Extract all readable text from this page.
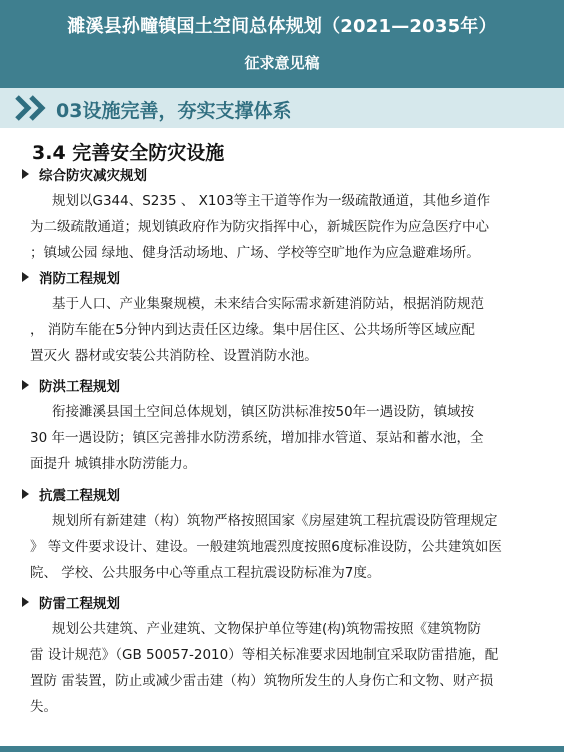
濉溪县孙疃镇国土空间总体规划（2021—2035年）
征求意见稿
03设施完善，夯实支撑体系
3.4 完善安全防灾设施
综合防灾减灾规划
规划以G344、S235 、 X103等主干道等作为一级疏散通道，其他乡道作
为二级疏散通道；规划镇政府作为防灾指挥中心，新城医院作为应急医疗中心
；镇域公园 绿地、健身活动场地、广场、学校等空旷地作为应急避难场所。
消防工程规划
基于人口、产业集聚规模，未来结合实际需求新建消防站，根据消防规范
， 消防车能在5分钟内到达责任区边缘。集中居住区、公共场所等区域应配
置灭火 器材或安装公共消防栓、设置消防水池。
防洪工程规划
衔接濉溪县国土空间总体规划，镇区防洪标准按50年一遇设防，镇域按
30 年一遇设防；镇区完善排水防涝系统，增加排水管道、泵站和蓄水池，全
面提升 城镇排水防涝能力。
抗震工程规划
规划所有新建建（构）筑物严格按照国家《房屋建筑工程抗震设防管理规定
》 等文件要求设计、建设。一般建筑地震烈度按照6度标准设防，公共建筑如医
院、 学校、公共服务中心等重点工程抗震设防标准为7度。
防雷工程规划
规划公共建筑、产业建筑、文物保护单位等建(构)筑物需按照《建筑物防
雷 设计规范》（GB 50057-2010）等相关标准要求因地制宜采取防雷措施，配
置防 雷装置，防止或减少雷击建（构）筑物所发生的人身伤亡和文物、财产损
失。
